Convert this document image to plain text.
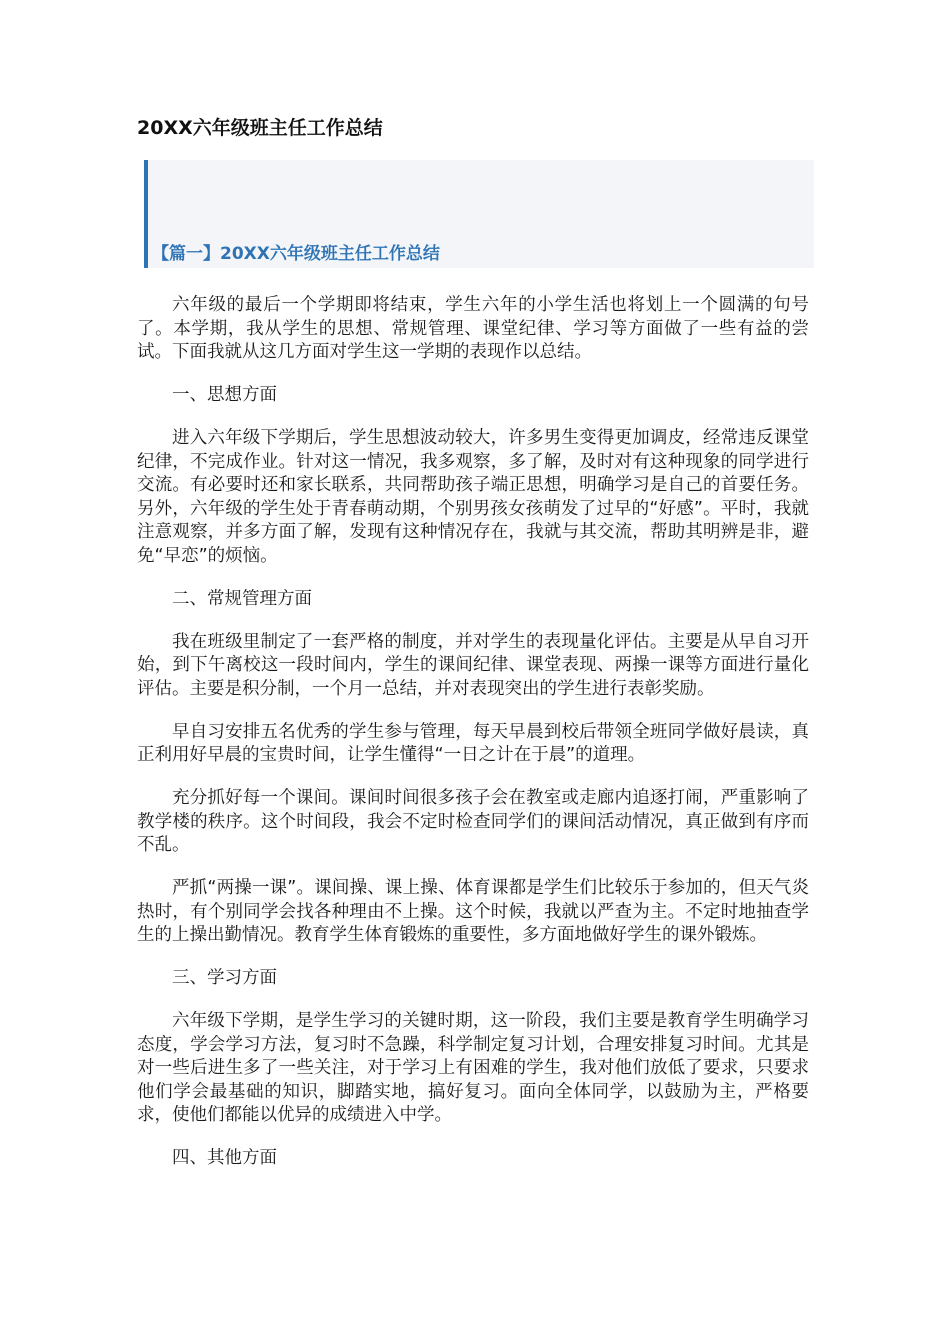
20XX六年级班主任工作总结
【篇一】20XX六年级班主任工作总结

六年级的最后一个学期即将结束，学生六年的小学生活也将划上一个圆满的句号了。本学期，我从学生的思想、常规管理、课堂纪律、学习等方面做了一些有益的尝试。下面我就从这几方面对学生这一学期的表现作以总结。

一、思想方面

进入六年级下学期后，学生思想波动较大，许多男生变得更加调皮，经常违反课堂纪律，不完成作业。针对这一情况，我多观察，多了解，及时对有这种现象的同学进行交流。有必要时还和家长联系，共同帮助孩子端正思想，明确学习是自己的首要任务。另外，六年级的学生处于青春萌动期，个别男孩女孩萌发了过早的“好感”。平时，我就注意观察，并多方面了解，发现有这种情况存在，我就与其交流，帮助其明辨是非，避免“早恋”的烦恼。

二、常规管理方面

我在班级里制定了一套严格的制度，并对学生的表现量化评估。主要是从早自习开始，到下午离校这一段时间内，学生的课间纪律、课堂表现、两操一课等方面进行量化评估。主要是积分制，一个月一总结，并对表现突出的学生进行表彰奖励。

早自习安排五名优秀的学生参与管理，每天早晨到校后带领全班同学做好晨读，真正利用好早晨的宝贵时间，让学生懂得“一日之计在于晨”的道理。

充分抓好每一个课间。课间时间很多孩子会在教室或走廊内追逐打闹，严重影响了教学楼的秩序。这个时间段，我会不定时检查同学们的课间活动情况，真正做到有序而不乱。

严抓“两操一课”。课间操、课上操、体育课都是学生们比较乐于参加的，但天气炎热时，有个别同学会找各种理由不上操。这个时候，我就以严查为主。不定时地抽查学生的上操出勤情况。教育学生体育锻炼的重要性，多方面地做好学生的课外锻炼。

三、学习方面

六年级下学期，是学生学习的关键时期，这一阶段，我们主要是教育学生明确学习态度，学会学习方法，复习时不急躁，科学制定复习计划，合理安排复习时间。尤其是对一些后进生多了一些关注，对于学习上有困难的学生，我对他们放低了要求，只要求他们学会最基础的知识，脚踏实地，搞好复习。面向全体同学，以鼓励为主，严格要求，使他们都能以优异的成绩进入中学。

四、其他方面
